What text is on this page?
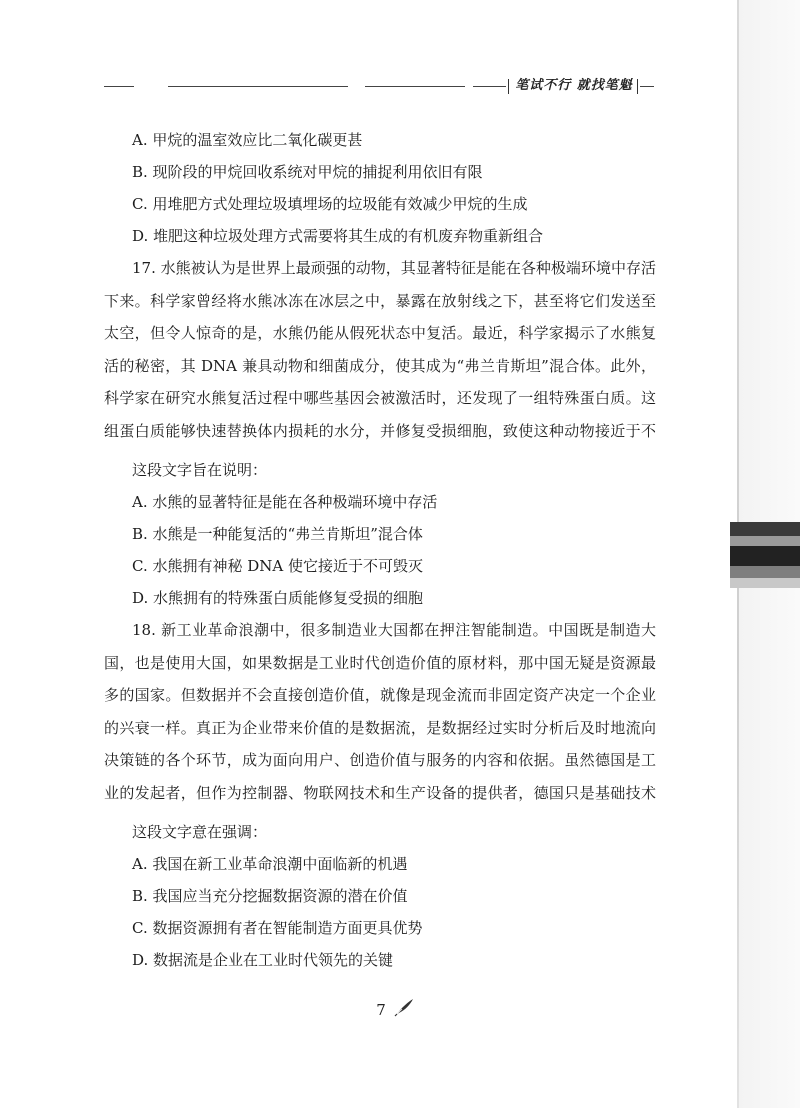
笔试不行 就找笔魁
A. 甲烷的温室效应比二氧化碳更甚
B. 现阶段的甲烷回收系统对甲烷的捕捉利用依旧有限
C. 用堆肥方式处理垃圾填埋场的垃圾能有效减少甲烷的生成
D. 堆肥这种垃圾处理方式需要将其生成的有机废弃物重新组合

17. 水熊被认为是世界上最顽强的动物，其显著特征是能在各种极端环境中存活下来。科学家曾经将水熊冰冻在冰层之中，暴露在放射线之下，甚至将它们发送至太空，但令人惊奇的是，水熊仍能从假死状态中复活。最近，科学家揭示了水熊复活的秘密，其 DNA 兼具动物和细菌成分，使其成为“弗兰肯斯坦”混合体。此外，科学家在研究水熊复活过程中哪些基因会被激活时，还发现了一组特殊蛋白质。这组蛋白质能够快速替换体内损耗的水分，并修复受损细胞，致使这种动物接近于不

这段文字旨在说明：
A. 水熊的显著特征是能在各种极端环境中存活
B. 水熊是一种能复活的“弗兰肯斯坦”混合体
C. 水熊拥有神秘 DNA 使它接近于不可毁灭
D. 水熊拥有的特殊蛋白质能修复受损的细胞

18. 新工业革命浪潮中，很多制造业大国都在押注智能制造。中国既是制造大国，也是使用大国，如果数据是工业时代创造价值的原材料，那中国无疑是资源最多的国家。但数据并不会直接创造价值，就像是现金流而非固定资产决定一个企业的兴衰一样。真正为企业带来价值的是数据流，是数据经过实时分析后及时地流向决策链的各个环节，成为面向用户、创造价值与服务的内容和依据。虽然德国是工业的发起者，但作为控制器、物联网技术和生产设备的提供者，德国只是基础技术

这段文字意在强调：
A. 我国在新工业革命浪潮中面临新的机遇
B. 我国应当充分挖掘数据资源的潜在价值
C. 数据资源拥有者在智能制造方面更具优势
D. 数据流是企业在工业时代领先的关键
7
